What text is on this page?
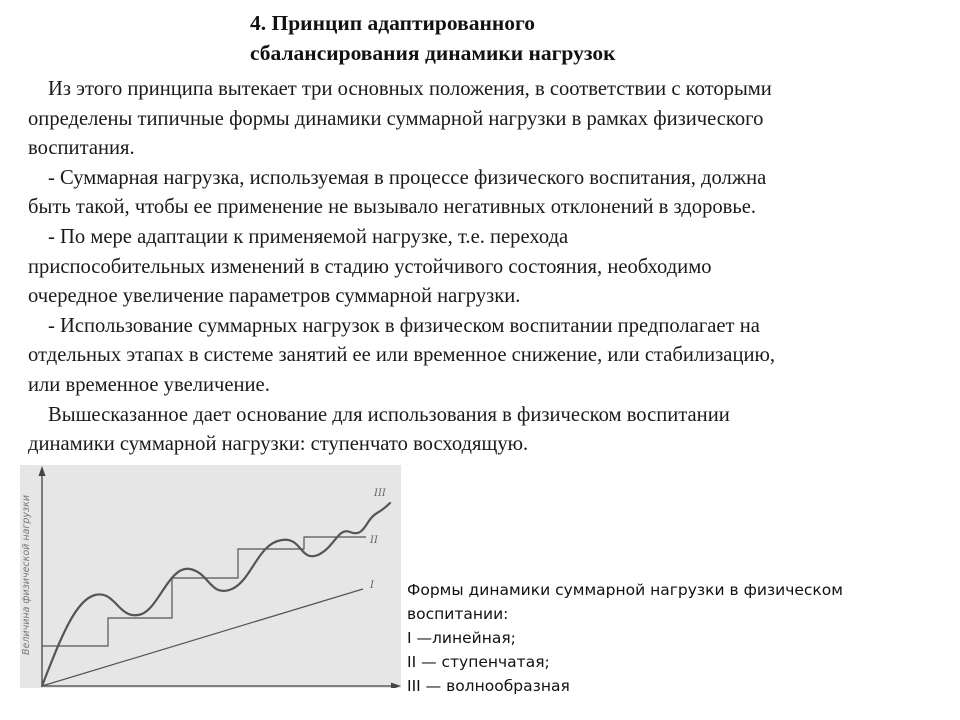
4. Принцип адаптированного
сбалансирования динамики нагрузок
Из этого принципа вытекает три основных положения, в соответствии с которыми
определены типичные формы динамики суммарной нагрузки в рамках физического
воспитания.
- Суммарная нагрузка, используемая в процессе физического воспитания, должна
быть такой, чтобы ее применение не вызывало негативных отклонений в здоровье.
- По мере адаптации к применяемой нагрузке, т.е. перехода
приспособительных изменений в стадию устойчивого состояния, необходимо
очередное увеличение параметров суммарной нагрузки.
- Использование суммарных нагрузок в физическом воспитании предполагает на
отдельных этапах в системе занятий ее или временное снижение, или стабилизацию,
или временное увеличение.
Вышесказанное дает основание для использования в физическом воспитании
динамики суммарной нагрузки: ступенчато восходящую.
Величина физической нагрузки	I
II
III
Формы динамики суммарной нагрузки в физическом
воспитании:
I —линейная;
II — ступенчатая;
III — волнообразная
